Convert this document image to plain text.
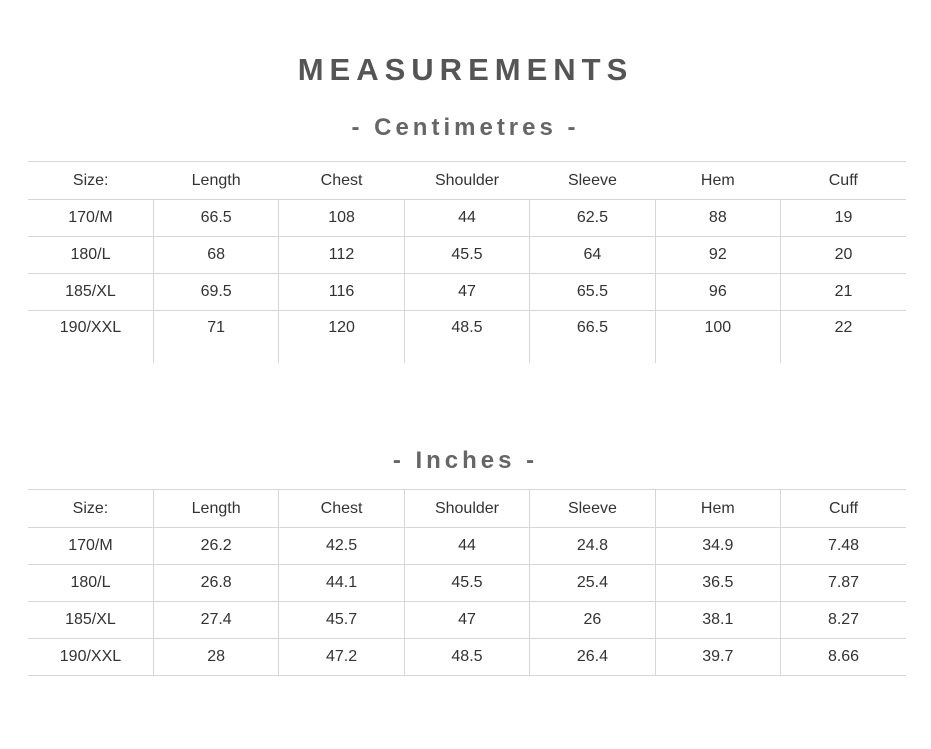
MEASUREMENTS
- Centimetres -
Size:	Length	Chest	Shoulder	Sleeve	Hem	Cuff
170/M	66.5	108	44	62.5	88	19
180/L	68	112	45.5	64	92	20
185/XL	69.5	116	47	65.5	96	21
190/XXL	71	120	48.5	66.5	100	22
- Inches -
Size:	Length	Chest	Shoulder	Sleeve	Hem	Cuff
170/M	26.2	42.5	44	24.8	34.9	7.48
180/L	26.8	44.1	45.5	25.4	36.5	7.87
185/XL	27.4	45.7	47	26	38.1	8.27
190/XXL	28	47.2	48.5	26.4	39.7	8.66
